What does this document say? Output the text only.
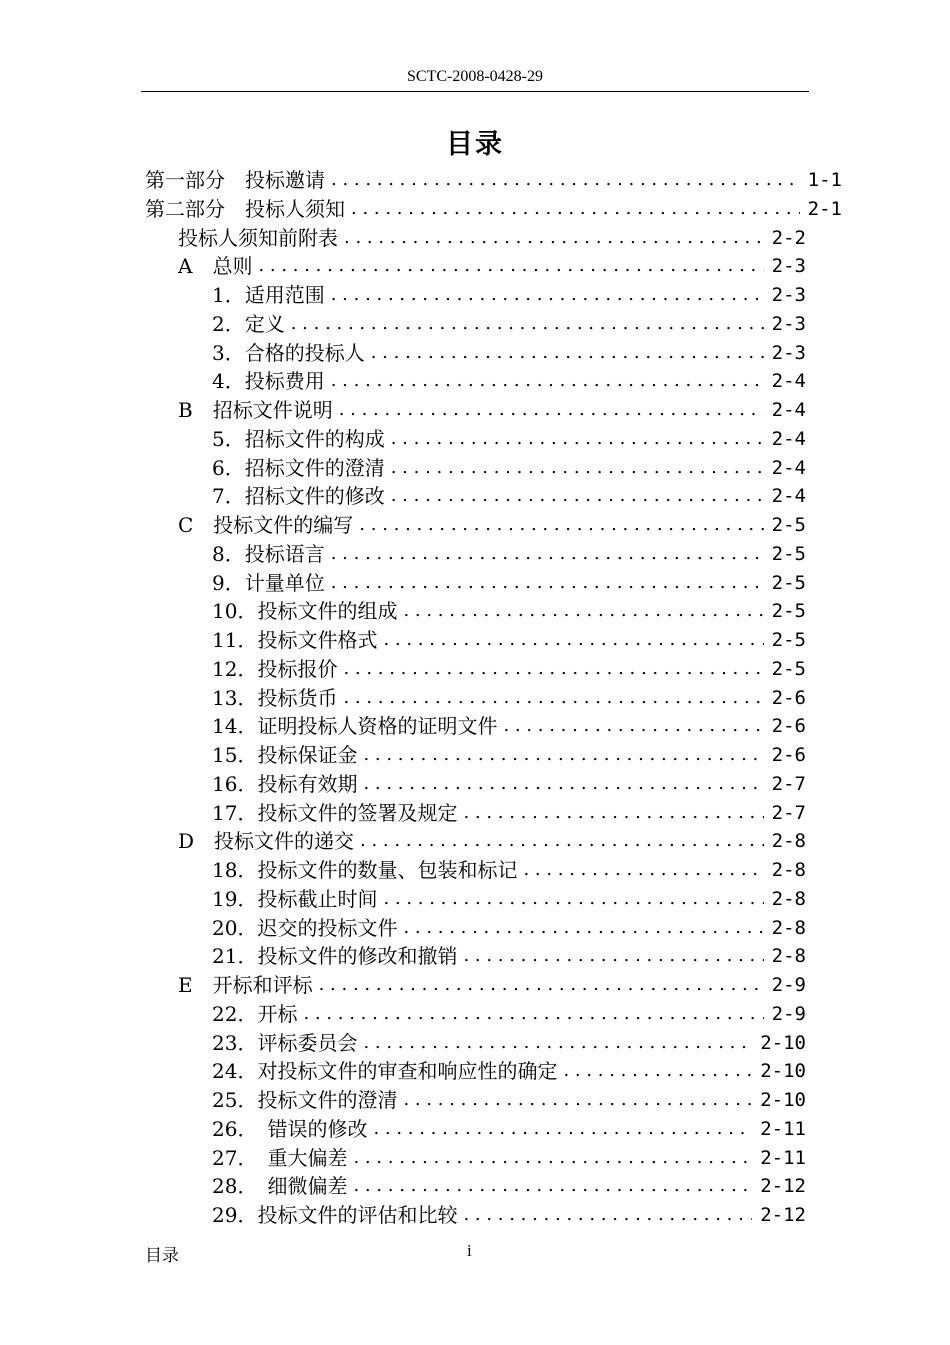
SCTC-2008-0428-29
目录
第一部分　投标邀请 . . .	1-1
第二部分　投标人须知 . . .	2-1
投标人须知前附表 . . .	2-2
A　总则 . . .	2-3
1．适用范围 . . .	2-3
2．定义 . . .	2-3
3．合格的投标人 . . .	2-3
4．投标费用 . . .	2-4
B　招标文件说明 . . .	2-4
5．招标文件的构成 . . .	2-4
6．招标文件的澄清 . . .	2-4
7．招标文件的修改 . . .	2-4
C　投标文件的编写 . . .	2-5
8．投标语言 . . .	2-5
9．计量单位 . . .	2-5
10．投标文件的组成 . . .	2-5
11．投标文件格式 . . .	2-5
12．投标报价 . . .	2-5
13．投标货币 . . .	2-6
14．证明投标人资格的证明文件 . . .	2-6
15．投标保证金 . . .	2-6
16．投标有效期 . . .	2-7
17．投标文件的签署及规定 . . .	2-7
D　投标文件的递交 . . .	2-8
18．投标文件的数量、包装和标记 . . .	2-8
19．投标截止时间 . . .	2-8
20．迟交的投标文件 . . .	2-8
21．投标文件的修改和撤销 . . .	2-8
E　开标和评标 . . .	2-9
22．开标 . . .	2-9
23．评标委员会 . . .	2-10
24．对投标文件的审查和响应性的确定 . . .	2-10
25．投标文件的澄清 . . .	2-10
26．　错误的修改 . . .	2-11
27．　重大偏差 . . .	2-11
28．　细微偏差 . . .	2-12
29．投标文件的评估和比较 . . .	2-12
目录	i
